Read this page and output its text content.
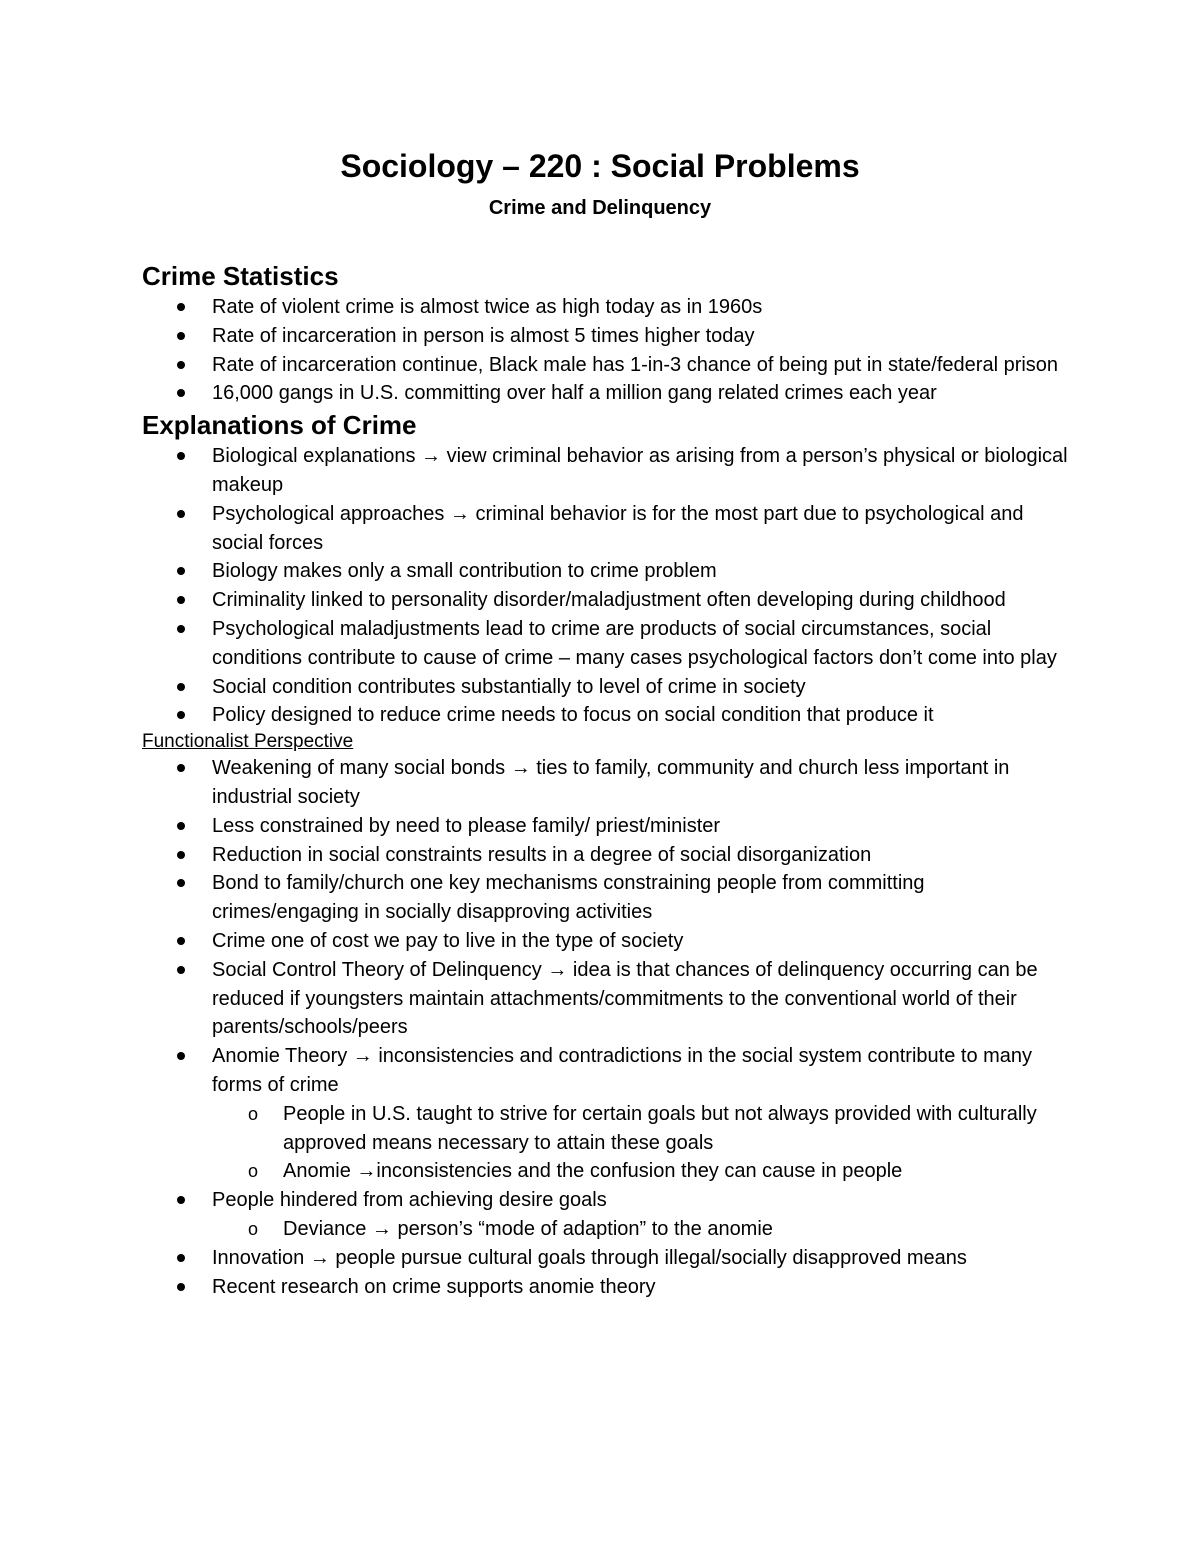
Sociology – 220 : Social Problems
Crime and Delinquency
Crime Statistics
Rate of violent crime is almost twice as high today as in 1960s
Rate of incarceration in person is almost 5 times higher today
Rate of incarceration continue, Black male has 1-in-3 chance of being put in state/federal prison
16,000 gangs in U.S. committing over half a million gang related crimes each year
Explanations of Crime
Biological explanations → view criminal behavior as arising from a person’s physical or biological makeup
Psychological approaches → criminal behavior is for the most part due to psychological and social forces
Biology makes only a small contribution to crime problem
Criminality linked to personality disorder/maladjustment often developing during childhood
Psychological maladjustments lead to crime are products of social circumstances, social conditions contribute to cause of crime – many cases psychological factors don’t come into play
Social condition contributes substantially to level of crime in society
Policy designed to reduce crime needs to focus on social condition that produce it
Functionalist Perspective
Weakening of many social bonds → ties to family, community and church less important in industrial society
Less constrained by need to please family/ priest/minister
Reduction in social constraints results in a degree of social disorganization
Bond to family/church one key mechanisms constraining people from committing crimes/engaging in socially disapproving activities
Crime one of cost we pay to live in the type of society
Social Control Theory of Delinquency → idea is that chances of delinquency occurring can be reduced if youngsters maintain attachments/commitments to the conventional world of their parents/schools/peers
Anomie Theory → inconsistencies and contradictions in the social system contribute to many forms of crime
o People in U.S. taught to strive for certain goals but not always provided with culturally approved means necessary to attain these goals
o Anomie →inconsistencies and the confusion they can cause in people
People hindered from achieving desire goals
o Deviance → person’s “mode of adaption” to the anomie
Innovation → people pursue cultural goals through illegal/socially disapproved means
Recent research on crime supports anomie theory
